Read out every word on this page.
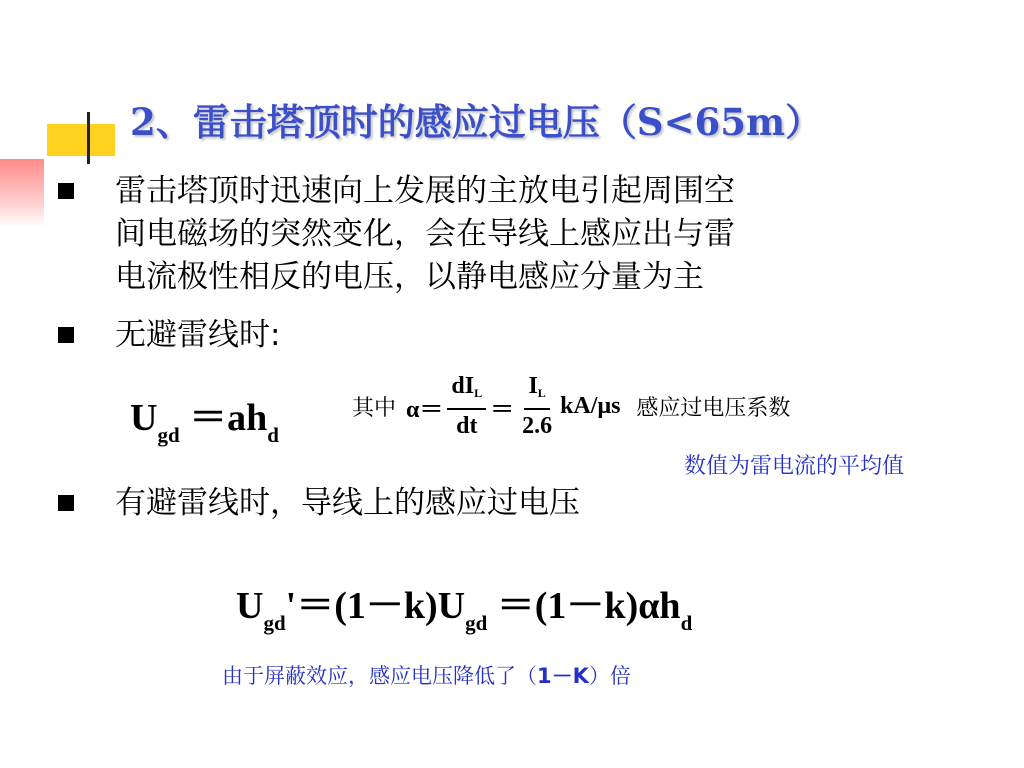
2、雷击塔顶时的感应过电压（S<65m）
雷击塔顶时迅速向上发展的主放电引起周围空
间电磁场的突然变化，会在导线上感应出与雷
电流极性相反的电压，以静电感应分量为主
无避雷线时:
$U_{gd} =ah_d$
其中 $\alpha= \frac{\text{dIL}}{dt} = \frac{IL}{2.6} kA/\mu s$ 感应过电压系数
数值为雷电流的平均值
有避雷线时，导线上的感应过电压
$U_{gd}'=(1-k)U_{gd} =(1-k)\alpha h_d$
由于屏蔽效应，感应电压降低了（1－K）倍
